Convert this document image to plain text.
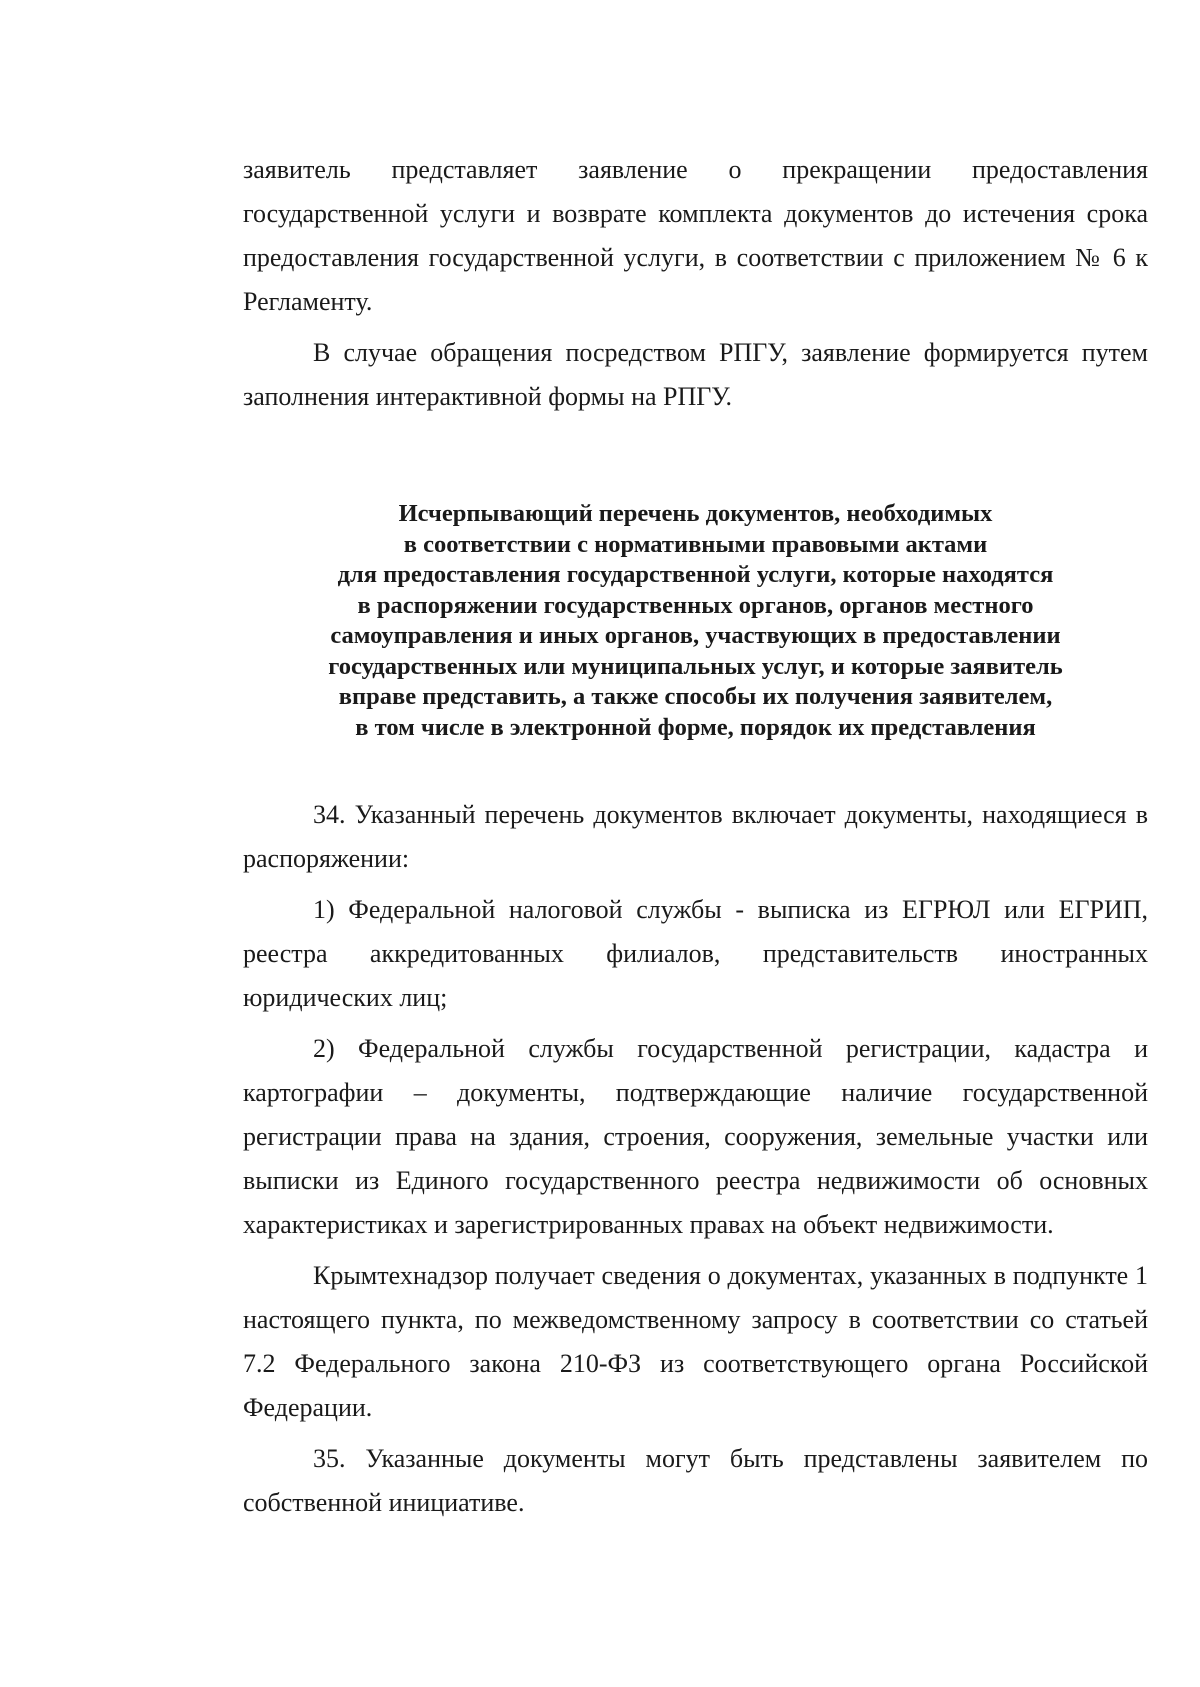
заявитель представляет заявление о прекращении предоставления государственной услуги и возврате комплекта документов до истечения срока предоставления государственной услуги, в соответствии с приложением № 6 к Регламенту.

В случае обращения посредством РПГУ, заявление формируется путем заполнения интерактивной формы на РПГУ.

Исчерпывающий перечень документов, необходимых
в соответствии с нормативными правовыми актами
для предоставления государственной услуги, которые находятся
в распоряжении государственных органов, органов местного
самоуправления и иных органов, участвующих в предоставлении
государственных или муниципальных услуг, и которые заявитель
вправе представить, а также способы их получения заявителем,
в том числе в электронной форме, порядок их представления

34. Указанный перечень документов включает документы, находящиеся в распоряжении:

1) Федеральной налоговой службы - выписка из ЕГРЮЛ или ЕГРИП, реестра аккредитованных филиалов, представительств иностранных юридических лиц;

2) Федеральной службы государственной регистрации, кадастра и картографии – документы, подтверждающие наличие государственной регистрации права на здания, строения, сооружения, земельные участки или выписки из Единого государственного реестра недвижимости об основных характеристиках и зарегистрированных правах на объект недвижимости.

Крымтехнадзор получает сведения о документах, указанных в подпункте 1 настоящего пункта, по межведомственному запросу в соответствии со статьей 7.2 Федерального закона 210-ФЗ из соответствующего органа Российской Федерации.

35. Указанные документы могут быть представлены заявителем по собственной инициативе.
